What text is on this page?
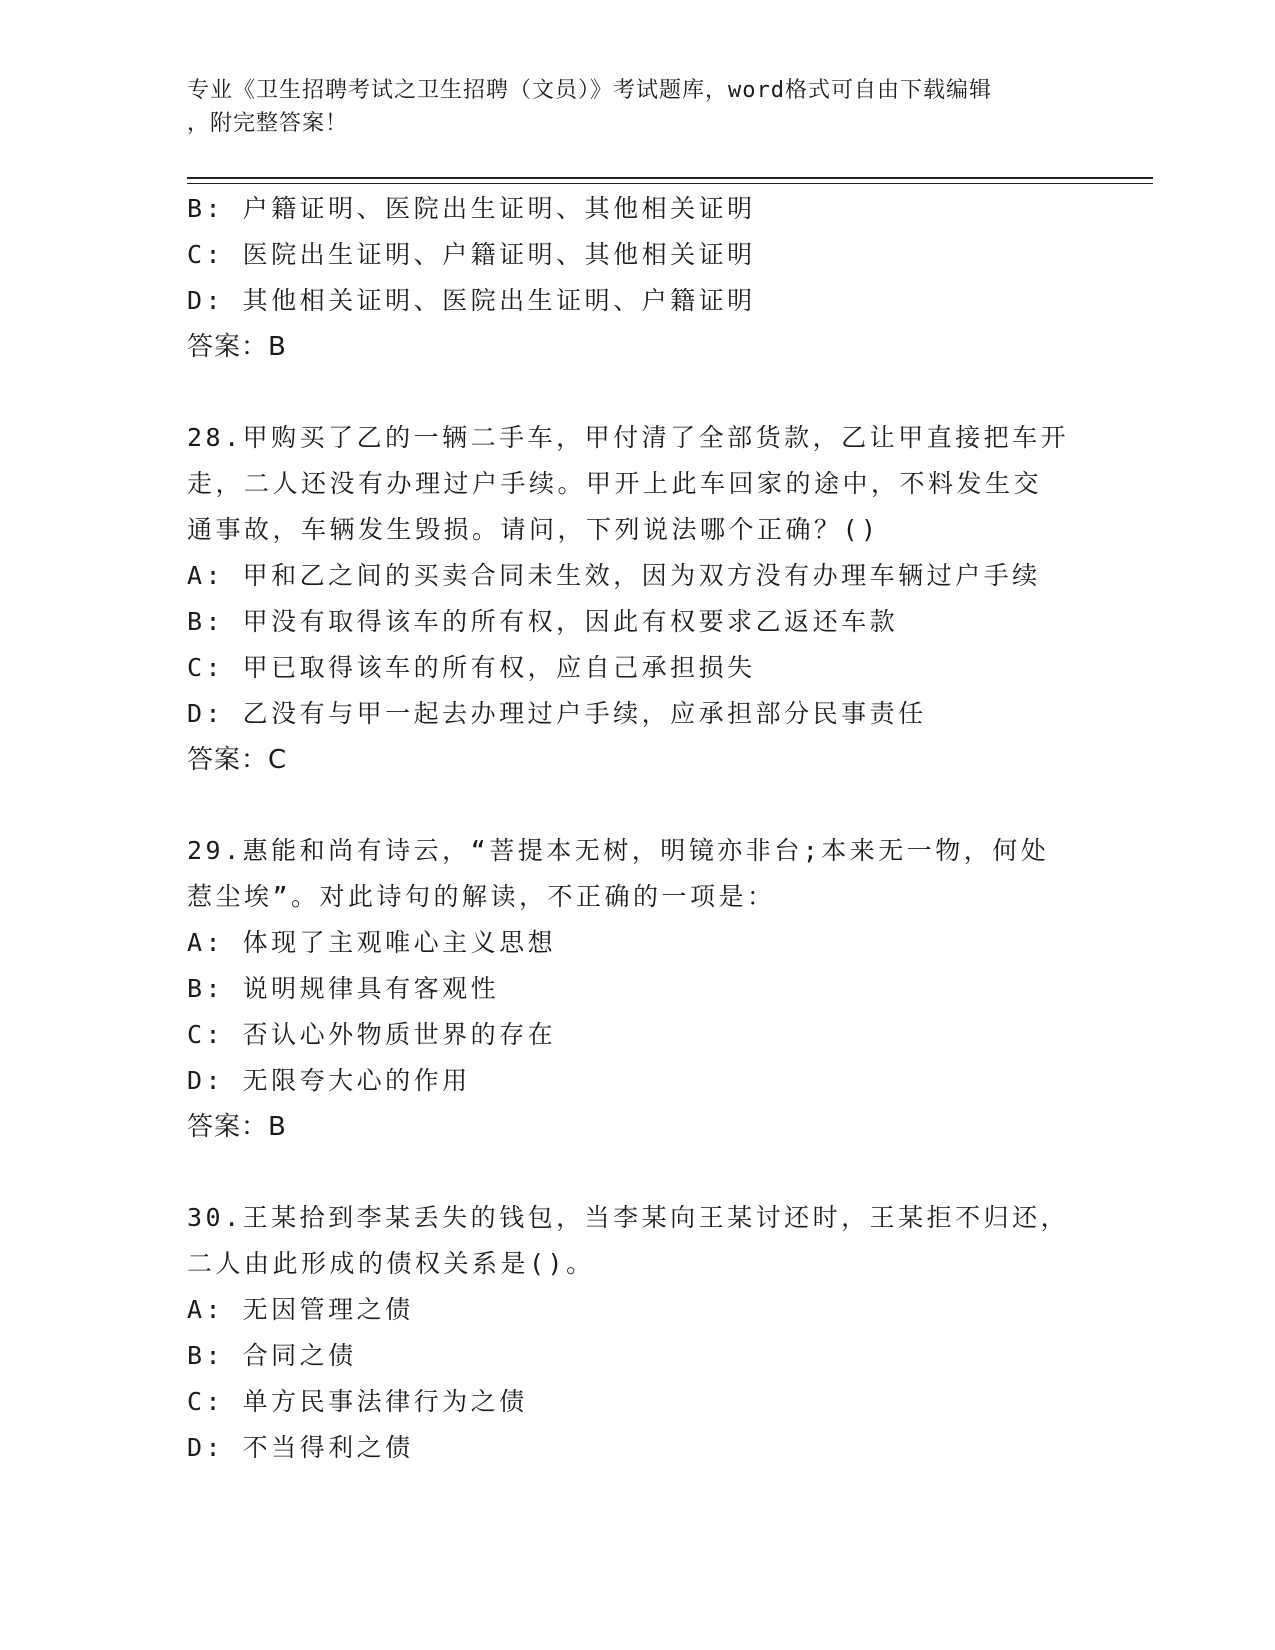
专业《卫生招聘考试之卫生招聘（文员）》考试题库，word格式可自由下载编辑
，附完整答案！
B: 户籍证明、医院出生证明、其他相关证明
C: 医院出生证明、户籍证明、其他相关证明
D: 其他相关证明、医院出生证明、户籍证明
答案：B
28.甲购买了乙的一辆二手车，甲付清了全部货款，乙让甲直接把车开
走，二人还没有办理过户手续。甲开上此车回家的途中，不料发生交
通事故，车辆发生毁损。请问，下列说法哪个正确？()
A: 甲和乙之间的买卖合同未生效，因为双方没有办理车辆过户手续
B: 甲没有取得该车的所有权，因此有权要求乙返还车款
C: 甲已取得该车的所有权，应自己承担损失
D: 乙没有与甲一起去办理过户手续，应承担部分民事责任
答案：C
29.惠能和尚有诗云，“菩提本无树，明镜亦非台;本来无一物，何处
惹尘埃”。对此诗句的解读，不正确的一项是：
A: 体现了主观唯心主义思想
B: 说明规律具有客观性
C: 否认心外物质世界的存在
D: 无限夸大心的作用
答案：B
30.王某拾到李某丢失的钱包，当李某向王某讨还时，王某拒不归还，
二人由此形成的债权关系是()。
A: 无因管理之债
B: 合同之债
C: 单方民事法律行为之债
D: 不当得利之债
